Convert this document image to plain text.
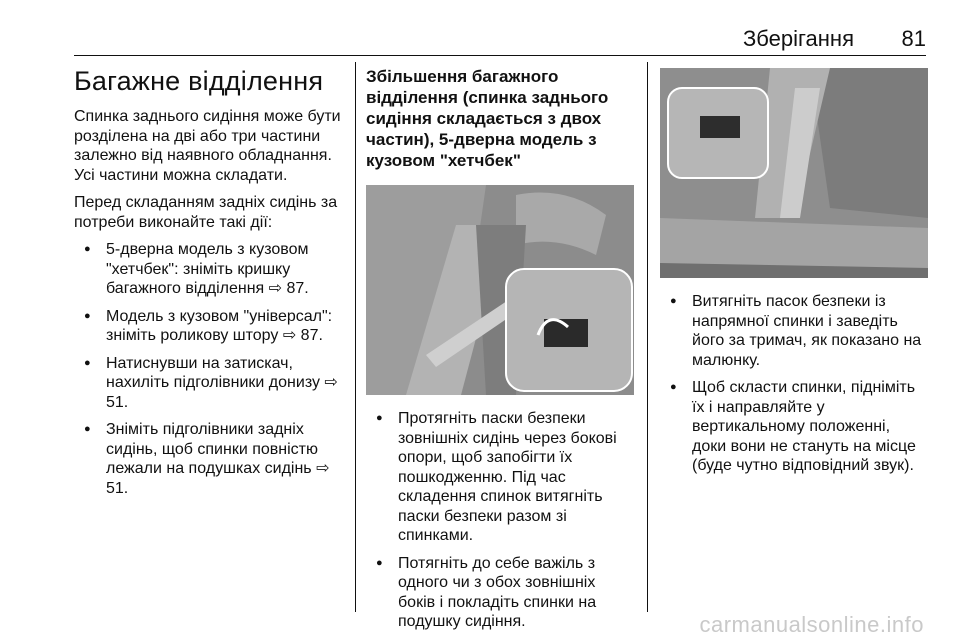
Зберігання 81
Багажне відділення

Спинка заднього сидіння може бути розділена на дві або три частини залежно від наявного обладнання. Усі частини можна складати.

Перед складанням задніх сидінь за потреби виконайте такі дії:

● 5-дверна модель з кузовом "хетчбек": зніміть кришку багажного відділення ⇨ 87.
● Модель з кузовом "універсал": зніміть роликову штору ⇨ 87.
● Натиснувши на затискач, нахиліть підголівники донизу ⇨ 51.
● Зніміть підголівники задніх сидінь, щоб спинки повністю лежали на подушках сидінь ⇨ 51.
Збільшення багажного відділення (спинка заднього сидіння складається з двох частин), 5-дверна модель з кузовом "хетчбек"
● Протягніть паски безпеки зовнішніх сидінь через бокові опори, щоб запобігти їх пошкодженню. Під час складення спинок витягніть паски безпеки разом зі спинками.
● Потягніть до себе важіль з одного чи з обох зовнішніх боків і покладіть спинки на подушку сидіння.
● Витягніть пасок безпеки із напрямної спинки і заведіть його за тримач, як показано на малюнку.
● Щоб скласти спинки, підніміть їх і направляйте у вертикальному положенні, доки вони не стануть на місце (буде чутно відповідний звук).
carmanualsonline.info
